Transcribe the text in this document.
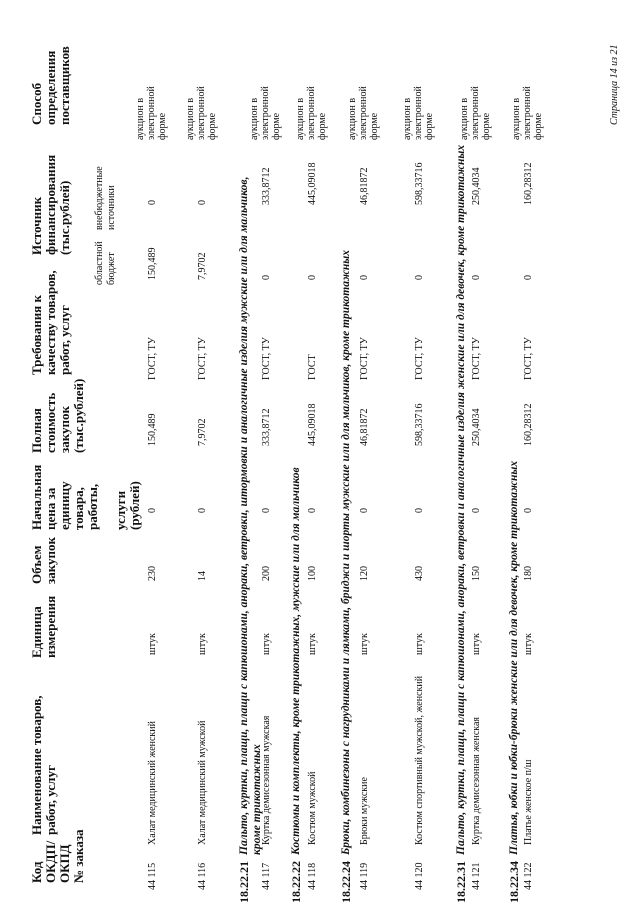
Код ОКДП/ ОКПД № заказа
Наименование товаров, работ, услуг
Единица измерения
Объем закупок
Начальная цена за единицу товара, работы, услуги (рублей)
Полная стоимость закупок (тыс.рублей)
Требования к качеству товаров, работ, услуг
Источник финансирования (тыс.рублей)
Способ определения поставщиков
областной бюджет
внебюджетные источники
44 115
Халат медицинский женский
штук
230
0
150,489
ГОСТ, ТУ
150,489
0
аукцион в электронной форме
44 116
Халат медицинский мужской
штук
14
0
7,9702
ГОСТ, ТУ
7,9702
0
аукцион в электронной форме
18.22.21
Пальто, куртки, плащи, плащи с капюшонами, анораки, ветровки, штормовки и аналогичные изделия мужские или для мальчиков, кроме трикотажных
44 117
Куртка демисезонная мужская
штук
200
0
333,8712
ГОСТ, ТУ
0
333,8712
аукцион в электронной форме
18.22.22
Костюмы и комплекты, кроме трикотажных, мужские или для мальчиков
44 118
Костюм мужской
штук
100
0
445,09018
ГОСТ
0
445,09018
аукцион в электронной форме
18.22.24
Брюки, комбинезоны с нагрудниками и лямками, бриджи и шорты мужские или для мальчиков, кроме трикотажных
44 119
Брюки мужские
штук
120
0
46,81872
ГОСТ, ТУ
0
46,81872
аукцион в электронной форме
44 120
Костюм спортивный мужской, женский
штук
430
0
598,33716
ГОСТ, ТУ
0
598,33716
аукцион в электронной форме
18.22.31
Пальто, куртки, плащи, плащи с капюшонами, анораки, ветровки и аналогичные изделия женские или для девочек, кроме трикотажных
44 121
Куртка демисезонная женская
штук
150
0
250,4034
ГОСТ, ТУ
0
250,4034
аукцион в электронной форме
18.22.34
Платья, юбки и юбки-брюки женские или для девочек, кроме трикотажных
44 122
Платье женское п/ш
штук
180
0
160,28312
ГОСТ, ТУ
0
160,28312
аукцион в электронной форме
Страница 14 из 21
